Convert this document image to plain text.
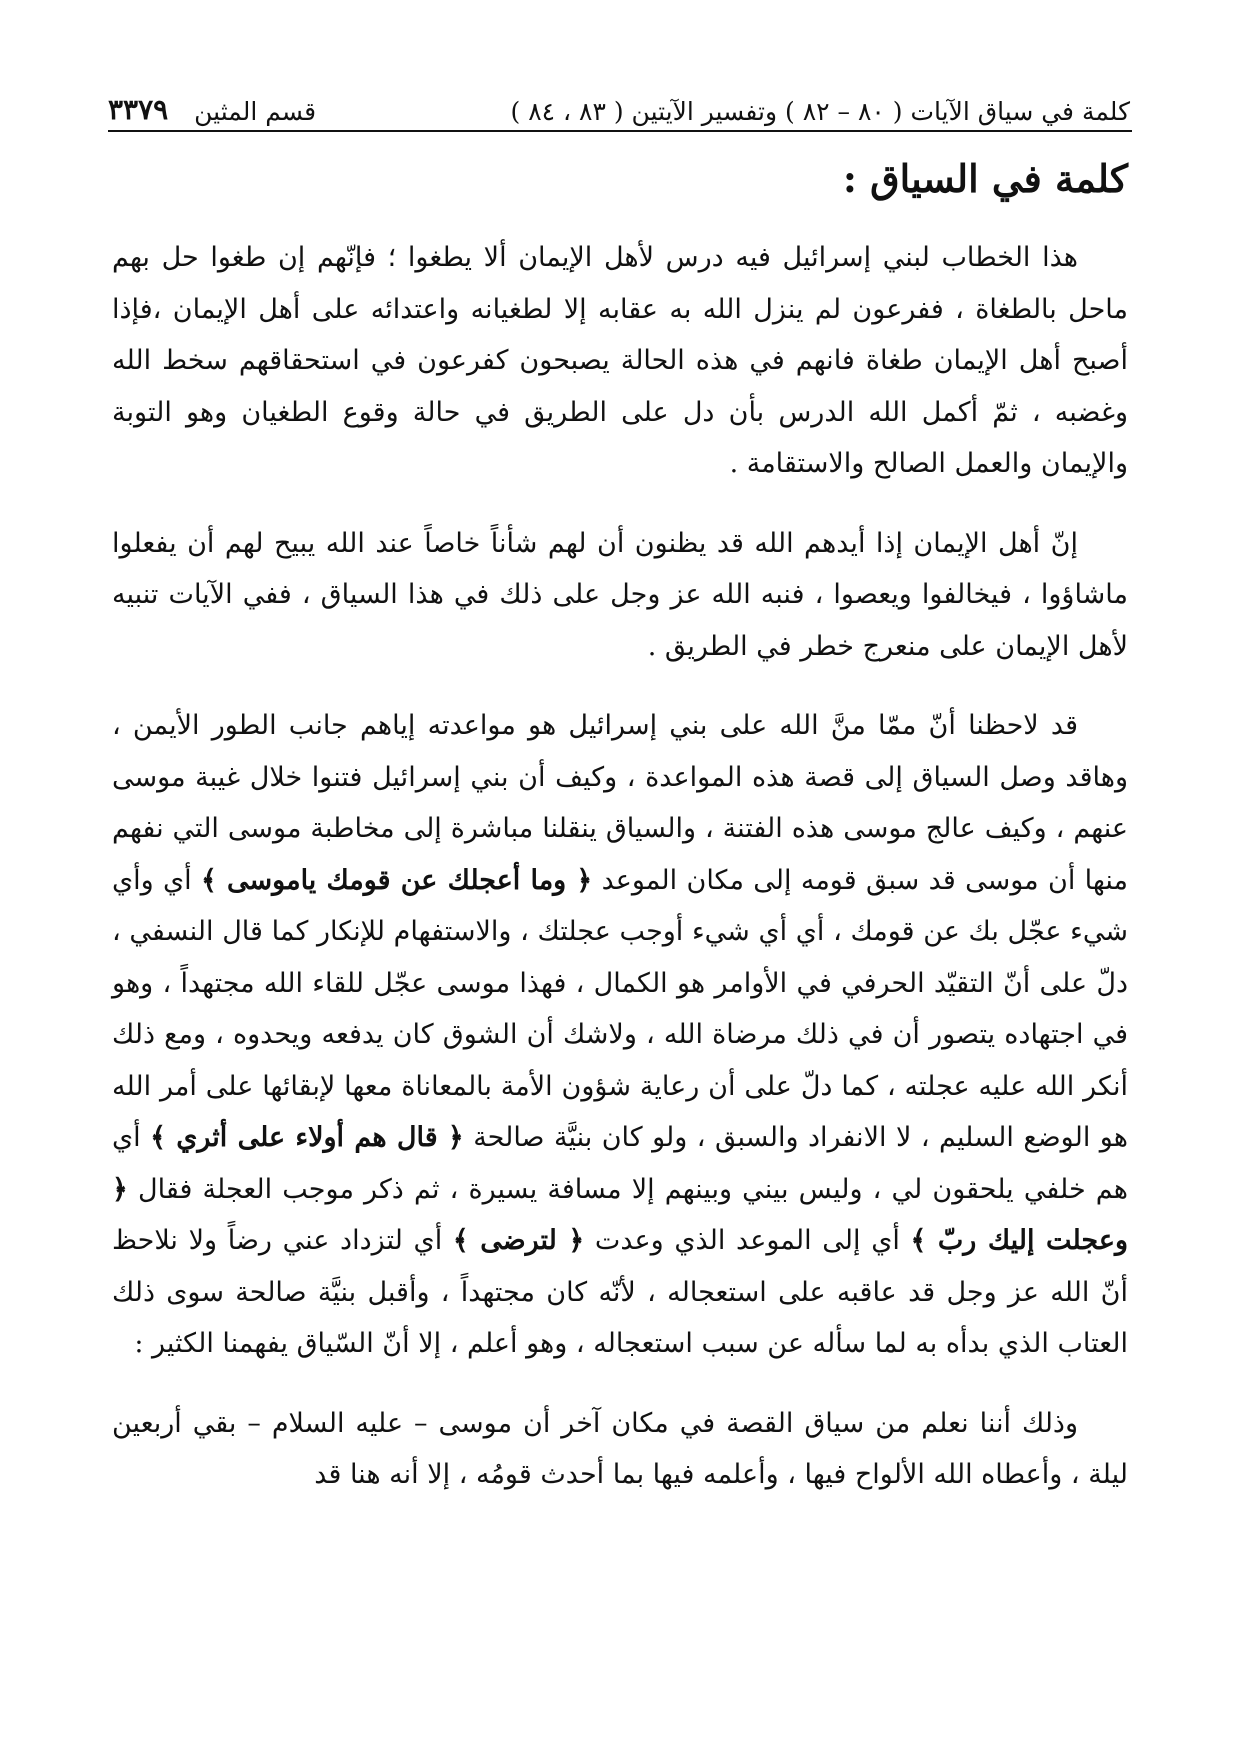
كلمة في سياق الآيات ( ٨٠ – ٨٢ ) وتفسير الآيتين ( ٨٣ ، ٨٤ )
قسم المثين
٣٣٧٩
كلمة في السياق :

هذا الخطاب لبني إسرائيل فيه درس لأهل الإيمان ألا يطغوا ؛ فإنّهم إن طغوا حل بهم ماحل بالطغاة ، ففرعون لم ينزل الله به عقابه إلا لطغيانه واعتدائه على أهل الإيمان ،فإذا أصبح أهل الإيمان طغاة فانهم في هذه الحالة يصبحون كفرعون في استحقاقهم سخط الله وغضبه ، ثمّ أكمل الله الدرس بأن دل على الطريق في حالة وقوع الطغيان وهو التوبة والإيمان والعمل الصالح والاستقامة .

إنّ أهل الإيمان إذا أيدهم الله قد يظنون أن لهم شأناً خاصاً عند الله يبيح لهم أن يفعلوا ماشاؤوا ، فيخالفوا ويعصوا ، فنبه الله عز وجل على ذلك في هذا السياق ، ففي الآيات تنبيه لأهل الإيمان على منعرج خطر في الطريق .

قد لاحظنا أنّ ممّا منَّ الله على بني إسرائيل هو مواعدته إياهم جانب الطور الأيمن ، وهاقد وصل السياق إلى قصة هذه المواعدة ، وكيف أن بني إسرائيل فتنوا خلال غيبة موسى عنهم ، وكيف عالج موسى هذه الفتنة ، والسياق ينقلنا مباشرة إلى مخاطبة موسى التي نفهم منها أن موسى قد سبق قومه إلى مكان الموعد ﴿ وما أعجلك عن قومك ياموسى ﴾ أي وأي شيء عجّل بك عن قومك ، أي أي شيء أوجب عجلتك ، والاستفهام للإنكار كما قال النسفي ، دلّ على أنّ التقيّد الحرفي في الأوامر هو الكمال ، فهذا موسى عجّل للقاء الله مجتهداً ، وهو في اجتهاده يتصور أن في ذلك مرضاة الله ، ولاشك أن الشوق كان يدفعه ويحدوه ، ومع ذلك أنكر الله عليه عجلته ، كما دلّ على أن رعاية شؤون الأمة بالمعاناة معها لإبقائها على أمر الله هو الوضع السليم ، لا الانفراد والسبق ، ولو كان بنيَّة صالحة ﴿ قال هم أولاء على أثري ﴾ أي هم خلفي يلحقون لي ، وليس بيني وبينهم إلا مسافة يسيرة ، ثم ذكر موجب العجلة فقال ﴿ وعجلت إليك ربّ ﴾ أي إلى الموعد الذي وعدت ﴿ لترضى ﴾ أي لتزداد عني رضاً ولا نلاحظ أنّ الله عز وجل قد عاقبه على استعجاله ، لأنّه كان مجتهداً ، وأقبل بنيَّة صالحة سوى ذلك العتاب الذي بدأه به لما سأله عن سبب استعجاله ، وهو أعلم ، إلا أنّ السّياق يفهمنا الكثير :

وذلك أننا نعلم من سياق القصة في مكان آخر أن موسى – عليه السلام – بقي أربعين ليلة ، وأعطاه الله الألواح فيها ، وأعلمه فيها بما أحدث قومُه ، إلا أنه هنا قد
